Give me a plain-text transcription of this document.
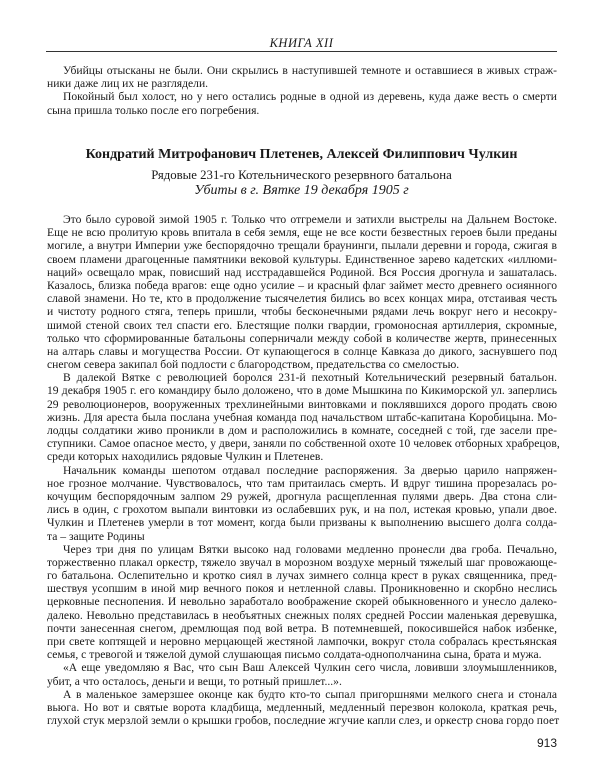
КНИГА XII
Убийцы отысканы не были. Они скрылись в наступившей темноте и оставшиеся в живых страж-
ники даже лиц их не разглядели.
Покойный был холост, но у него остались родные в одной из деревень, куда даже весть о смерти
сына пришла только после его погребения.
Кондратий Митрофанович Плетенев, Алексей Филиппович Чулкин
Рядовые 231-го Котельнического резервного батальона
Убиты в г. Вятке 19 декабря 1905 г
Это было суровой зимой 1905 г. Только что отгремели и затихли выстрелы на Дальнем Востоке.
Еще не всю пролитую кровь впитала в себя земля, еще не все кости безвестных героев были преданы
могиле, а внутри Империи уже беспорядочно трещали браунинги, пылали деревни и города, сжигая в
своем пламени драгоценные памятники вековой культуры. Единственное зарево кадетских «иллюми-
наций» освещало мрак, повисший над исстрадавшейся Родиной. Вся Россия дрогнула и зашаталась.
Казалось, близка победа врагов: еще одно усилие – и красный флаг займет место древнего осиянного
славой знамени. Но те, кто в продолжение тысячелетия бились во всех концах мира, отстаивая честь
и чистоту родного стяга, теперь пришли, чтобы бесконечными рядами лечь вокруг него и несокру-
шимой стеной своих тел спасти его. Блестящие полки гвардии, громоносная артиллерия, скромные,
только что сформированные батальоны соперничали между собой в количестве жертв, принесенных
на алтарь славы и могущества России. От купающегося в солнце Кавказа до дикого, заснувшего под
снегом севера закипал бой подлости с благородством, предательства со смелостью.
В далекой Вятке с революцией боролся 231-й пехотный Котельнический резервный батальон.
19 декабря 1905 г. его командиру было доложено, что в доме Мышкина по Кикиморской ул. заперлись
29 революционеров, вооруженных трехлинейными винтовками и поклявшихся дорого продать свою
жизнь. Для ареста была послана учебная команда под начальством штабс-капитана Коробицына. Мо-
лодцы солдатики живо проникли в дом и расположились в комнате, соседней с той, где засели пре-
ступники. Самое опасное место, у двери, заняли по собственной охоте 10 человек отборных храбрецов,
среди которых находились рядовые Чулкин и Плетенев.
Начальник команды шепотом отдавал последние распоряжения. За дверью царило напряжен-
ное грозное молчание. Чувствовалось, что там притаилась смерть. И вдруг тишина прорезалась ро-
кочущим беспорядочным залпом 29 ружей, дрогнула расщепленная пулями дверь. Два стона сли-
лись в один, с грохотом выпали винтовки из ослабевших рук, и на пол, истекая кровью, упали двое.
Чулкин и Плетенев умерли в тот момент, когда были призваны к выполнению высшего долга солда-
та – защите Родины
Через три дня по улицам Вятки высоко над головами медленно пронесли два гроба. Печально,
торжественно плакал оркестр, тяжело звучал в морозном воздухе мерный тяжелый шаг провожающе-
го батальона. Ослепительно и кротко сиял в лучах зимнего солнца крест в руках священника, пред-
шествуя усопшим в иной мир вечного покоя и нетленной славы. Проникновенно и скорбно неслись
церковные песнопения. И невольно заработало воображение скорей обыкновенного и унесло далеко-
далеко. Невольно представилась в необъятных снежных полях средней России маленькая деревушка,
почти занесенная снегом, дремлющая под вой ветра. В потемневшей, покосившейся набок избенке,
при свете коптящей и неровно мерцающей жестяной лампочки, вокруг стола собралась крестьянская
семья, с тревогой и тяжелой думой слушающая письмо солдата-однополчанина сына, брата и мужа.
«А еще уведомляю я Вас, что сын Ваш Алексей Чулкин сего числа, ловивши злоумышленников,
убит, а что осталось, деньги и вещи, то ротный пришлет...».
А в маленькое замерзшее оконце как будто кто-то сыпал пригоршнями мелкого снега и стонала
вьюга. Но вот и святые ворота кладбища, медленный, медленный перезвон колокола, краткая речь,
глухой стук мерзлой земли о крышки гробов, последние жгучие капли слез, и оркестр снова гордо поет
913
